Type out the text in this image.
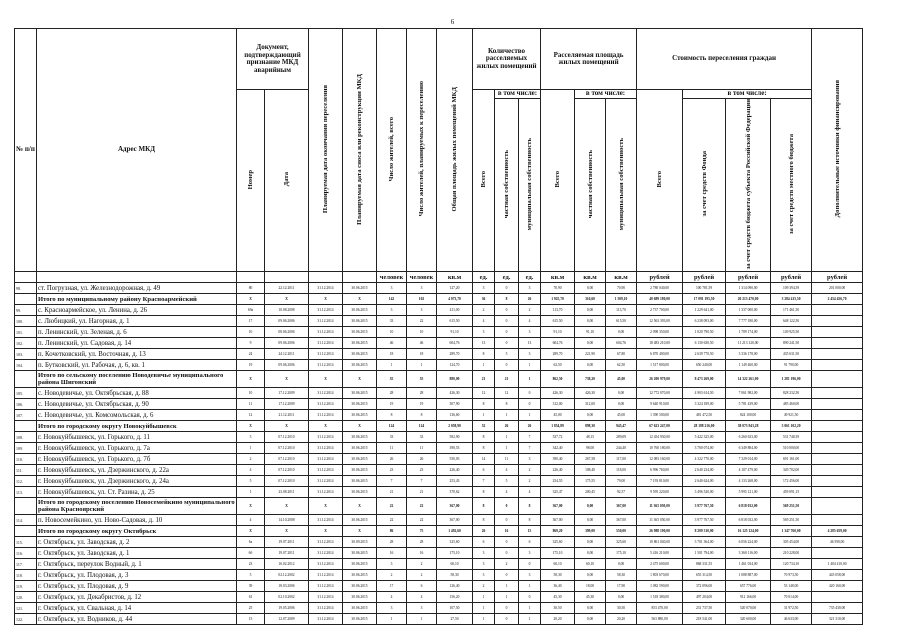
6
№ п/п	Адрес МКД	Документ, подтверждающий признание МКД аварийным		Планируемая дата окончания переселения	Планируемая дата сноса или реконструкции МКД	Число жителей, всего	Число жителей, планируемых к переселению	Общая площадь жилых помещений МКД	Количество расселяемых жилых помещений			Расселяемая площадь жилых помещений			Стоимость переселения граждан				Дополнительные источники финансирования
		Номер	Дата						Всего	в том числе:		Всего	в том числе:		Всего	в том числе:			
										частная собственность	муниципальная собственность		частная собственность	муниципальная собственность		за счет средств Фонда	за счет средств бюджета субъекта Российской Федерации	за счет средств местного бюджета	
						человек	человек	кв.м	ед.	ед.	ед.	кв.м	кв.м	кв.м	рублей	рублей	рублей	рублей	рублей
98.	ст. Погрузная, ул. Железнодорожная, д. 49	80	22.12.2011	31.12.2014	30.06.2015	3	3	127,20	3	0	3	70,90	0,00	70,90	2 780 040,00	100 781,59	1 314 090,00	109 394,39	201 000,00
	Итого по муниципальному району Красноармейский	X	X	X	X	142	102	4 073,70	36	8	26	1 925,70	316,60	1 509,10	40 689 180,00	17 091 195,50	20 213 470,00	3 284 415,50	2 454 456,70
99.	с. Красноармейское, ул. Ленина, д. 26	69а	10.08.2008	31.12.2014	30.06.2015	3	3	411,00	2	0	2	113,70	0,00	113,70	2 737 700,00	1 229 641,00	1 337 000,00	171 461,50	
100.	с. Любицкий, ул. Нагорная, д. 1	17	09.06.2006	31.12.2014	30.06.2015	33	22	615,50	4	0	4	615,50	0,00	615,50	12 563 393,00	6 238 093,00	7 777 180,00	648 122,50	
101.	п. Ленинский, ул. Зеленая, д. 6	10	08.06.2006	31.12.2014	30.06.2015	10	10	91,10	3	0	3	91,10	91,10	0,00	2 098 350,00	1 020 790,50	1 789 174,00	149 925,50	
102.	п. Ленинский, ул. Садовая, д. 14	9	09.06.2006	31.12.2014	30.06.2015	46	46	604,76	13	0	13	604,76	0,00	604,76	18 483 210,00	6 130 630,50	11 213 120,00	890 241,50	
103.	п. Кочетковский, ул. Восточная, д. 13	24	24.12.2011	31.12.2014	30.06.2015	18	18	289,70	8	5	3	289,70	221,90	67,80	6 870 400,00	2 639 770,50	3 336 178,00	435 631,50	
104.	п. Бутковский, ул. Рабочая, д. 6, кв. 1	19	09.06.2006	31.12.2014	30.06.2015	1	1	124,70	1	0	1	62,50	0,00	62,50	1 517 800,00	650 240,00	1 149 460,00	91 790,00	
	Итого по сельскому поселению Новодевичье муниципального района Шигонский	X	X	X	X	55	55	880,00	21	21	1	862,50	738,20	45,00	26 200 979,00	8 473 269,00	14 322 261,00	1 281 196,00	
105.	с. Новодевичье, ул. Октябрьская, д. 88	10	17.12.2009	31.12.2014	30.06.2015	28	28	426,30	12	12	0	426,30	426,30	0,00	12 772 070,00	4 903 614,50	7 061 982,00	828 232,50	
106.	с. Новодевичье, ул. Октябрьская, д. 90	11	17.12.2009	31.12.2014	30.06.2015	19	19	307,90	8	8	0	312,00	312,00	0,00	9 640 910,00	3 324 189,00	5 781 439,00	485 460,00	
107.	с. Новодевичье, ул. Комсомольская, д. 6	12	21.12.2011	31.12.2014	30.06.2015	8	8	136,60	1	1	1	45,00	0,00	45,00	1 390 500,00	481 472,50	824 100,00	49 921,50	
	Итого по городскому округу Новокуйбышевск	X	X	X	X	124	124	2 058,90	52	26	26	1 854,89	898,30	945,47	67 623 247,00	28 188 216,00	38 073 943,28	3 061 102,20	
108.	г. Новокуйбышевск, ул. Горького, д. 11	3	07.12.2010	31.12.2014	30.06.2015	33	33	582,90	8	1	7	537,72	48,15	289,09	12 454 930,00	5 422 325,00	6 260 633,00	531 748,39	
109.	г. Новокуйбышевск, ул. Горького, д. 7а	1	07.12.2010	31.12.2014	30.06.2015	11	11	390,53	8	1	7	342,40	98,00	244,40	10 760 180,00	3 700 074,00	6 349 884,00	510 000,00	
110.	г. Новокуйбышевск, ул. Горького, д. 7б	2	07.12.2010	31.12.2014	30.06.2015	26	26	550,03	14	11	3	390,40	267,58	117,00	12 083 160,00	4 322 770,00	7 329 014,00	691 161,00	
111.	г. Новокуйбышевск, ул. Дзержинского, д. 22а	4	07.12.2010	31.12.2014	30.06.2015	23	23	226,40	6	4	2	226,40	108,40	118,00	6 996 760,00	2 640 234,00	4 107 479,00	349 702,00	
112.	г. Новокуйбышевск, ул. Дзержинского, д. 24а	5	07.12.2010	31.12.2014	30.06.2015	7	7	253,43	7	5	2	254,55	175,55	79,00	7 193 810,00	2 640 624,00	4 133 268,00	172 456,00	
113.	г. Новокуйбышевск, ул. Ст. Разина, д. 25	1	23.08.2011	31.12.2014	30.06.2015	21	21	370,62	8	4	4	325,47	200,45	92,57	9 595 220,00	3 496 520,00	5 995 121,00	459 091,15	
	Итого по городскому поселению Новосемейкино муниципального района Красноярский	X	X	X	X	22	22	367,00	8	0	8	367,00	0,00	367,00	11 365 050,00	3 977 767,50	6 818 032,00	569 251,50	
114.	п. Новосемейкино, ул. Ново-Садовая, д. 10	4	14.10.2008	31.12.2014	30.06.2015	22	22	367,00	8	0	8	367,00	0,00	367,00	11 365 050,00	3 977 767,50	6 818 032,00	569 251,50	
	Итого по городскому округу Октябрьск	X	X	X	X	86	75	1 492,60	26	16	15	869,20	399,00	550,00	26 988 190,00	8 209 310,00	16 125 124,00	1 347 760,00	4 285 659,00
115.	г. Октябрьск, ул. Заводская, д. 2	6а	19.07.2011	31.12.2014	30.09.2015	28	28	325,60	6	0	6	325,60	0,00	325,60	10 861 040,00	3 701 364,00	6 056 224,00	305 454,00	46 590,00
116.	г. Октябрьск, ул. Заводская, д. 1	6б	19.07.2011	31.12.2014	30.06.2015	16	16	175,10	3	0	3	175,10	0,00	175,10	5 416 210,00	1 501 794,00	3 360 116,00	210 228,00	
117.	г. Октябрьск, переулок Водный, д. 1	23	16.02.2012	31.12.2014	30.06.2015	3	2	60,10	3	2	0	60,10	60,10	0,00	2 475 600,00	868 331,55	1 461 034,00	120 734,10	1 404 410,00
118.	г. Октябрьск, ул. Плодовая, д. 3	5	02.12.2002	31.12.2014	30.06.2015	2	2	58,30	3	0	3	58,30	0,00	58,30	1 803 670,00	655 314,50	1 088 887,00	70 973,50	445 058,00
119.	г. Октябрьск, ул. Плодовая, д. 9	39	18.03.2006	31.12.2014	30.06.2015	17	6	126,40	2	1	1	36,40	18,00	17,90	1 082 590,00	372 096,00	657 776,00	53 148,00	420 160,00
120.	г. Октябрьск, ул. Декабристов, д. 12	61	02.10.2002	31.12.2014	30.06.2015	4	4	156,20	1	1	0	45,30	45,30	0,00	1 518 380,00	497 204,00	912 166,00	70 014,00	
121.	г. Октябрьск, ул. Свальная, д. 14	25	19.05.2006	31.12.2014	30.06.2015	3	3	107,50	1	0	1	30,50	0,00	30,50	853 470,00	231 737,50	520 070,00	31 972,50	735 430,00
122.	г. Октябрьск, ул. Водников, д. 44	15	12.07.2009	31.12.2014	30.06.2015	1	1	27,50	1	0	1	20,20	0,00	20,20	563 880,00	218 541,00	320 600,00	46 633,00	321 310,00
